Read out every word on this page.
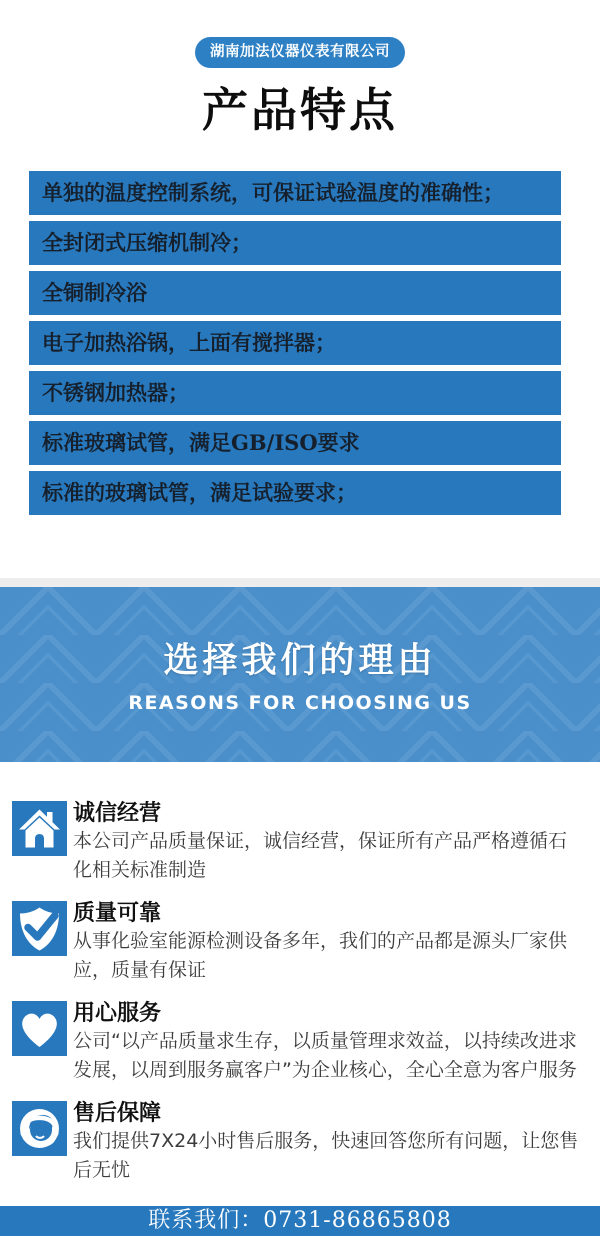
湖南加法仪器仪表有限公司
产品特点
单独的温度控制系统，可保证试验温度的准确性；
全封闭式压缩机制冷；
全铜制冷浴
电子加热浴锅，上面有搅拌器；
不锈钢加热器；
标准玻璃试管，满足GB/ISO要求
标准的玻璃试管，满足试验要求；
选择我们的理由
REASONS FOR CHOOSING US
诚信经营
本公司产品质量保证，诚信经营，保证所有产品严格遵循石化相关标准制造
质量可靠
从事化验室能源检测设备多年，我们的产品都是源头厂家供应，质量有保证
用心服务
公司“以产品质量求生存，以质量管理求效益，以持续改进求发展，以周到服务赢客户”为企业核心，全心全意为客户服务
售后保障
我们提供7X24小时售后服务，快速回答您所有问题，让您售后无忧
联系我们：0731-86865808
